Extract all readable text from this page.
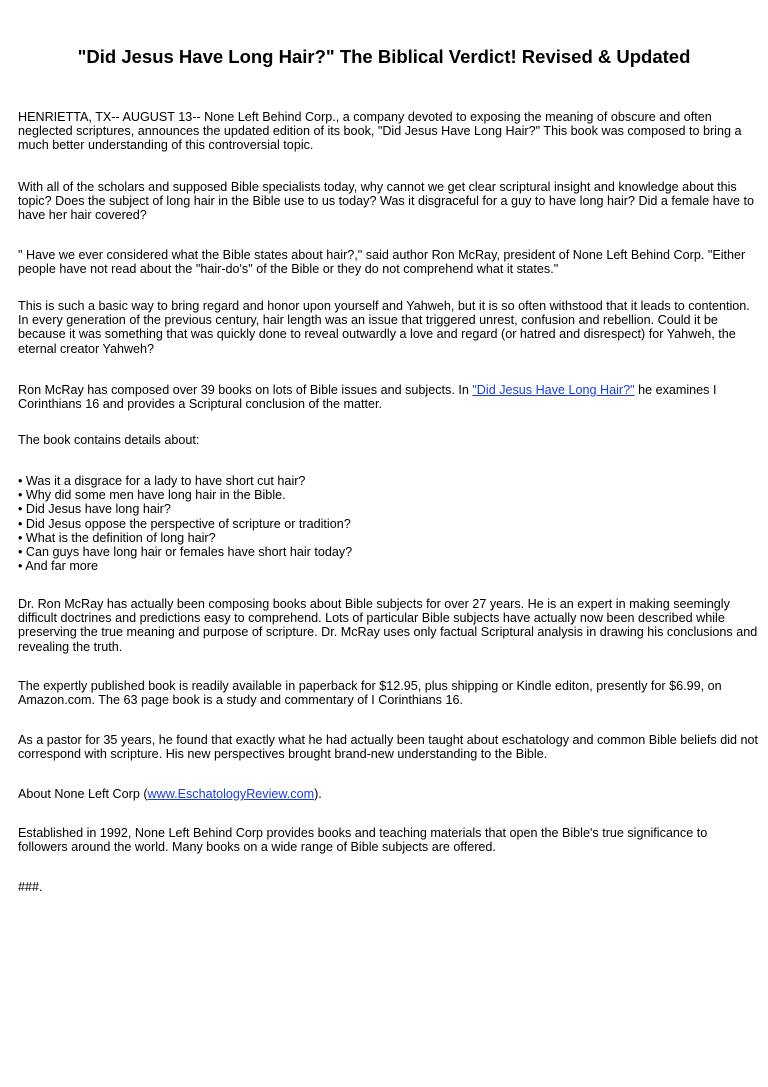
"Did Jesus Have Long Hair?" The Biblical Verdict! Revised & Updated

HENRIETTA, TX-- AUGUST 13-- None Left Behind Corp., a company devoted to exposing the meaning of obscure and often neglected scriptures, announces the updated edition of its book, "Did Jesus Have Long Hair?" This book was composed to bring a much better understanding of this controversial topic.

With all of the scholars and supposed Bible specialists today, why cannot we get clear scriptural insight and knowledge about this topic? Does the subject of long hair in the Bible use to us today? Was it disgraceful for a guy to have long hair? Did a female have to have her hair covered?

" Have we ever considered what the Bible states about hair?," said author Ron McRay, president of None Left Behind Corp. "Either people have not read about the "hair-do's" of the Bible or they do not comprehend what it states."

This is such a basic way to bring regard and honor upon yourself and Yahweh, but it is so often withstood that it leads to contention. In every generation of the previous century, hair length was an issue that triggered unrest, confusion and rebellion. Could it be because it was something that was quickly done to reveal outwardly a love and regard (or hatred and disrespect) for Yahweh, the eternal creator Yahweh?

Ron McRay has composed over 39 books on lots of Bible issues and subjects. In "Did Jesus Have Long Hair?" he examines I Corinthians 16 and provides a Scriptural conclusion of the matter.

The book contains details about:

• Was it a disgrace for a lady to have short cut hair?
• Why did some men have long hair in the Bible.
• Did Jesus have long hair?
• Did Jesus oppose the perspective of scripture or tradition?
• What is the definition of long hair?
• Can guys have long hair or females have short hair today?
• And far more

Dr. Ron McRay has actually been composing books about Bible subjects for over 27 years. He is an expert in making seemingly difficult doctrines and predictions easy to comprehend. Lots of particular Bible subjects have actually now been described while preserving the true meaning and purpose of scripture. Dr. McRay uses only factual Scriptural analysis in drawing his conclusions and revealing the truth.

The expertly published book is readily available in paperback for $12.95, plus shipping or Kindle editon, presently for $6.99, on Amazon.com. The 63 page book is a study and commentary of I Corinthians 16.

As a pastor for 35 years, he found that exactly what he had actually been taught about eschatology and common Bible beliefs did not correspond with scripture. His new perspectives brought brand-new understanding to the Bible.

About None Left Corp (www.EschatologyReview.com).

Established in 1992, None Left Behind Corp provides books and teaching materials that open the Bible's true significance to followers around the world. Many books on a wide range of Bible subjects are offered.

###.
